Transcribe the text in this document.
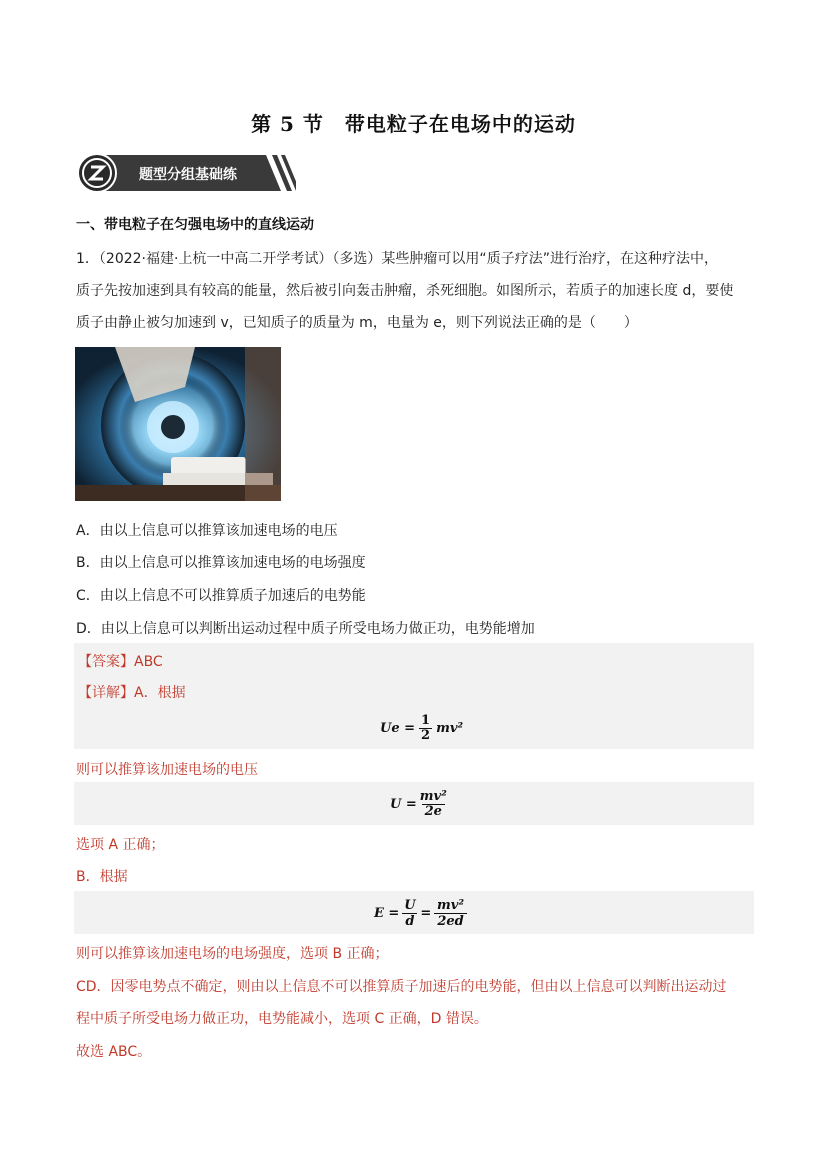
第 5 节　带电粒子在电场中的运动
题型分组基础练
一、带电粒子在匀强电场中的直线运动
1．（2022·福建·上杭一中高二开学考试）（多选）某些肿瘤可以用“质子疗法”进行治疗，在这种疗法中，
质子先按加速到具有较高的能量，然后被引向轰击肿瘤，杀死细胞。如图所示，若质子的加速长度 d，要使
质子由静止被匀加速到 v，已知质子的质量为 m，电量为 e，则下列说法正确的是（　　）
A．由以上信息可以推算该加速电场的电压
B．由以上信息可以推算该加速电场的电场强度
C．由以上信息不可以推算质子加速后的电势能
D．由以上信息可以判断出运动过程中质子所受电场力做正功，电势能增加
【答案】ABC
【详解】A．根据
$Ue = \frac{1}{2} mv^2$
则可以推算该加速电场的电压
$U = \frac{\text{mv²}}{2e}$
选项 A 正确；
B．根据
$E = \frac{U}{d} = \frac{\text{mv²}}{2ed}$
则可以推算该加速电场的电场强度，选项 B 正确；
CD．因零电势点不确定，则由以上信息不可以推算质子加速后的电势能，但由以上信息可以判断出运动过
程中质子所受电场力做正功，电势能减小，选项 C 正确，D 错误。
故选 ABC。
